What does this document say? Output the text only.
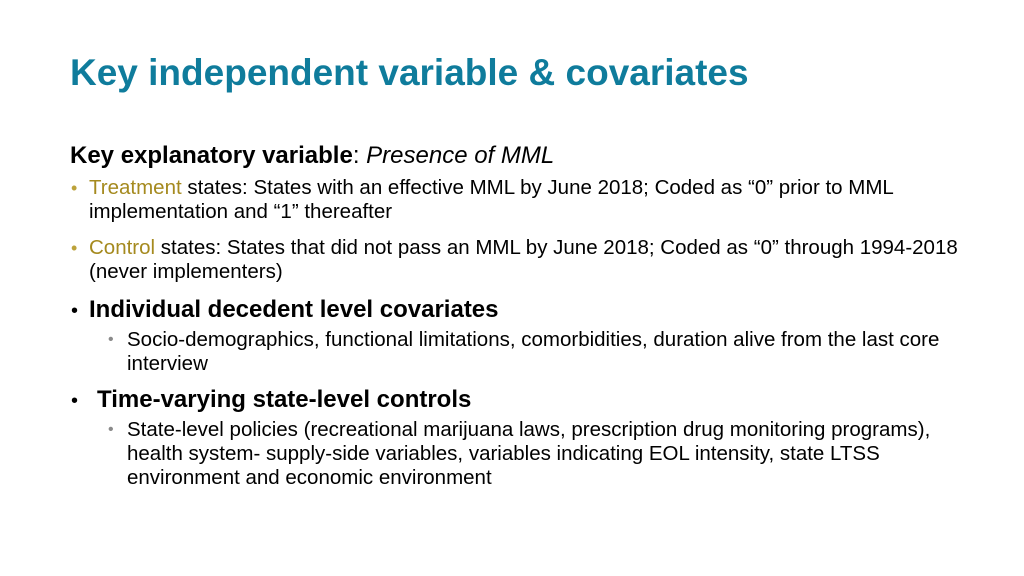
Key independent variable & covariates
Key explanatory variable: Presence of MML
• Treatment states: States with an effective MML by June 2018; Coded as “0” prior to MML implementation and “1” thereafter
• Control states: States that did not pass an MML by June 2018; Coded as “0” through 1994-2018 (never implementers)
• Individual decedent level covariates
• Socio-demographics, functional limitations, comorbidities, duration alive from the last core interview
• Time-varying state-level controls
• State-level policies (recreational marijuana laws, prescription drug monitoring programs), health system- supply-side variables, variables indicating EOL intensity, state LTSS environment and economic environment
